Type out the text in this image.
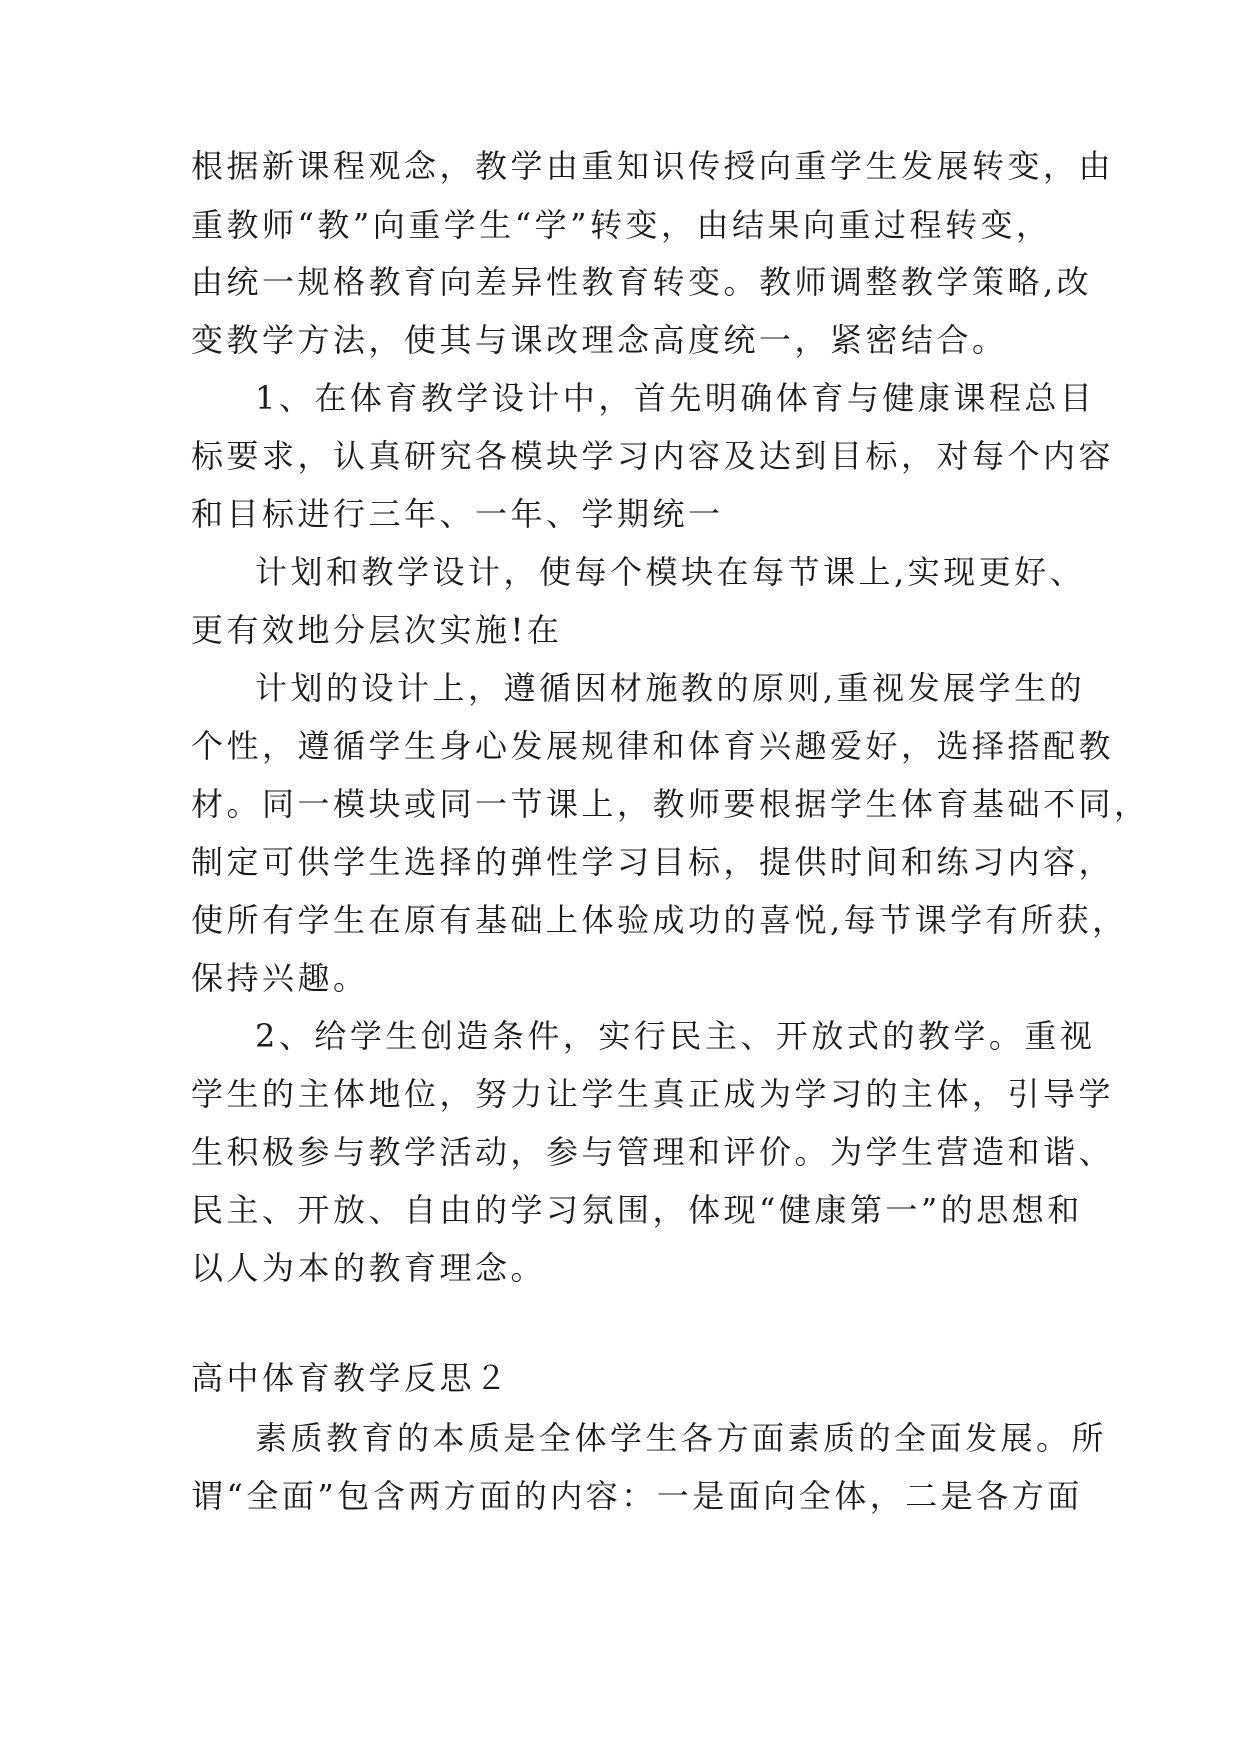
根据新课程观念，教学由重知识传授向重学生发展转变，由
重教师“教”向重学生“学”转变，由结果向重过程转变，
由统一规格教育向差异性教育转变。教师调整教学策略,改
变教学方法，使其与课改理念高度统一，紧密结合。
1、在体育教学设计中，首先明确体育与健康课程总目
标要求，认真研究各模块学习内容及达到目标，对每个内容
和目标进行三年、一年、学期统一
计划和教学设计，使每个模块在每节课上,实现更好、
更有效地分层次实施!在
计划的设计上，遵循因材施教的原则,重视发展学生的
个性，遵循学生身心发展规律和体育兴趣爱好，选择搭配教
材。同一模块或同一节课上，教师要根据学生体育基础不同，
制定可供学生选择的弹性学习目标，提供时间和练习内容，
使所有学生在原有基础上体验成功的喜悦,每节课学有所获，
保持兴趣。
2、给学生创造条件，实行民主、开放式的教学。重视
学生的主体地位，努力让学生真正成为学习的主体，引导学
生积极参与教学活动，参与管理和评价。为学生营造和谐、
民主、开放、自由的学习氛围，体现“健康第一”的思想和
以人为本的教育理念。
高中体育教学反思２
素质教育的本质是全体学生各方面素质的全面发展。所
谓“全面”包含两方面的内容：一是面向全体，二是各方面
